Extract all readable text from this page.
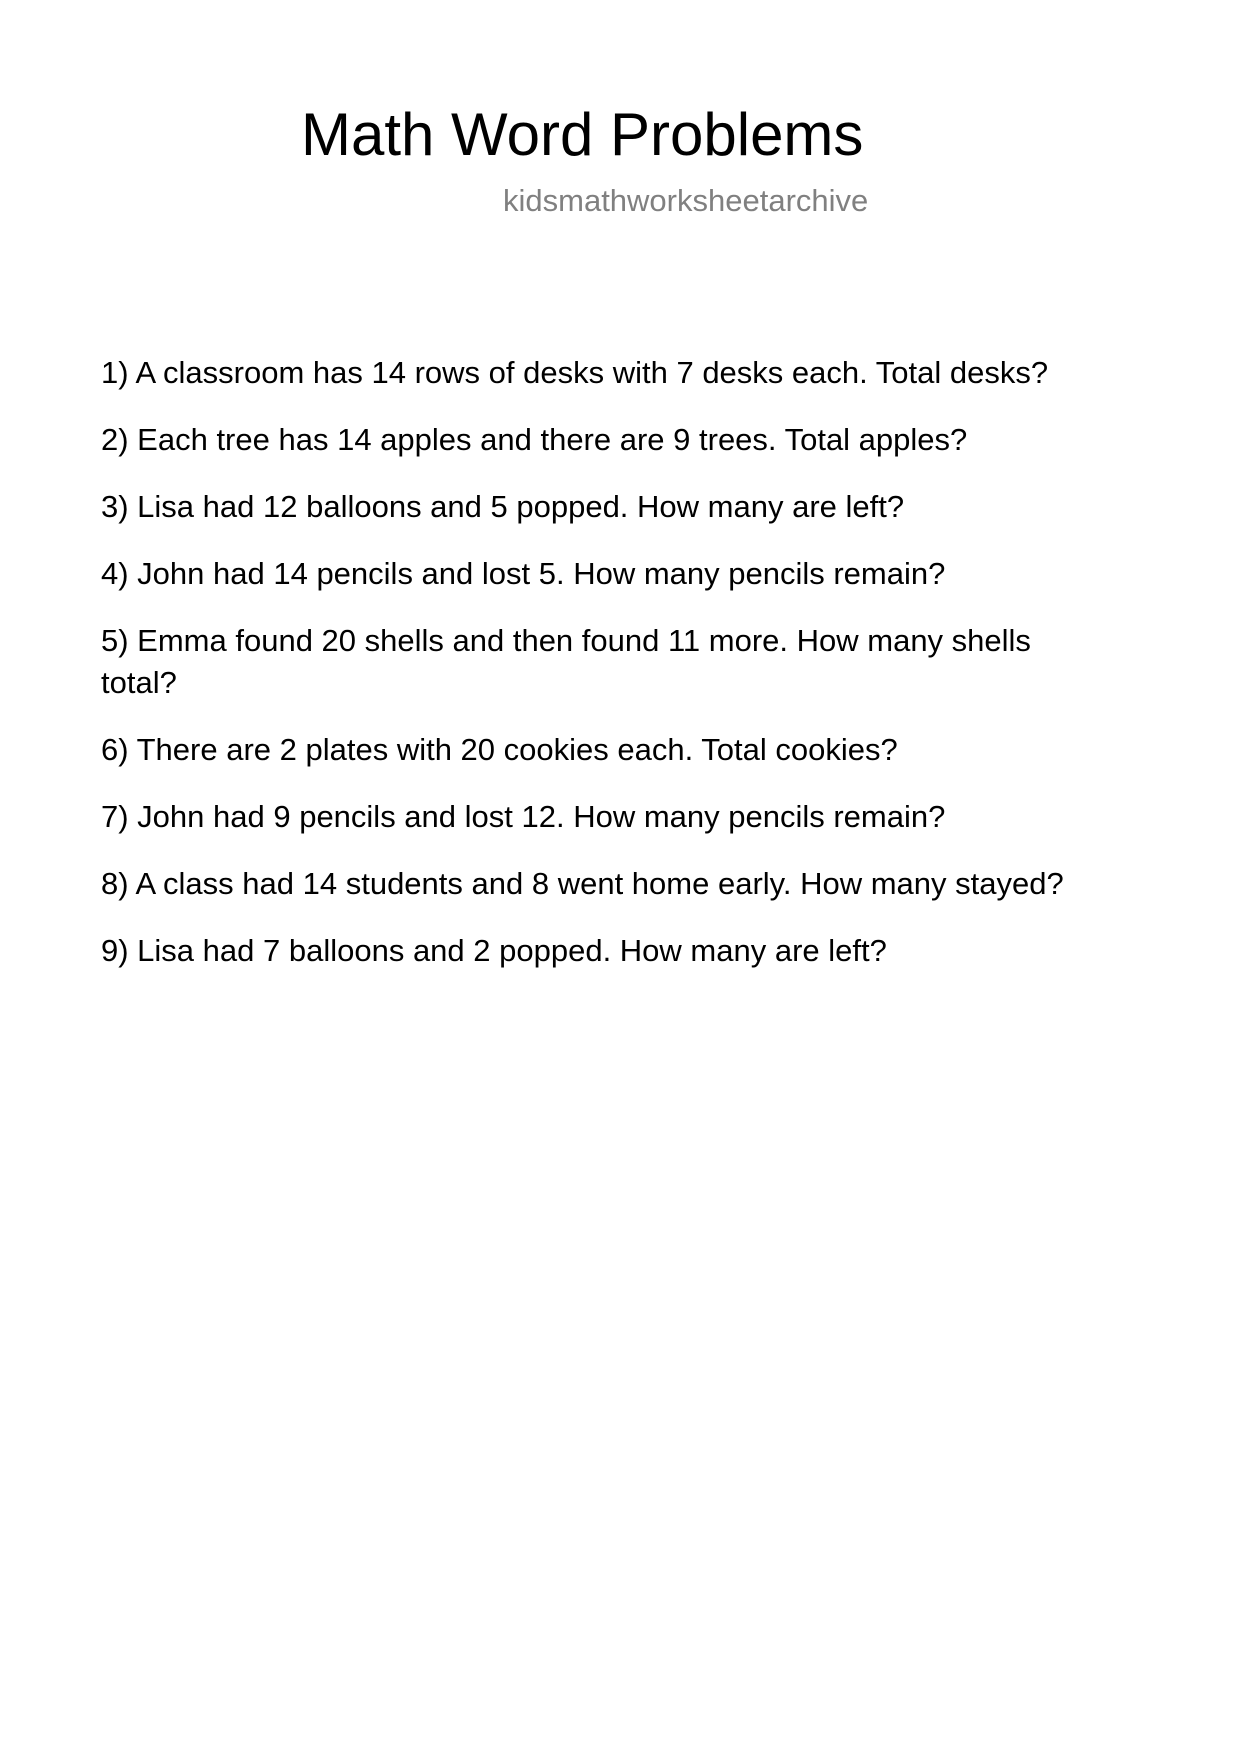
Math Word Problems
kidsmathworksheetarchive
1) A classroom has 14 rows of desks with 7 desks each. Total desks?
2) Each tree has 14 apples and there are 9 trees. Total apples?
3) Lisa had 12 balloons and 5 popped. How many are left?
4) John had 14 pencils and lost 5. How many pencils remain?
5) Emma found 20 shells and then found 11 more. How many shells total?
6) There are 2 plates with 20 cookies each. Total cookies?
7) John had 9 pencils and lost 12. How many pencils remain?
8) A class had 14 students and 8 went home early. How many stayed?
9) Lisa had 7 balloons and 2 popped. How many are left?
